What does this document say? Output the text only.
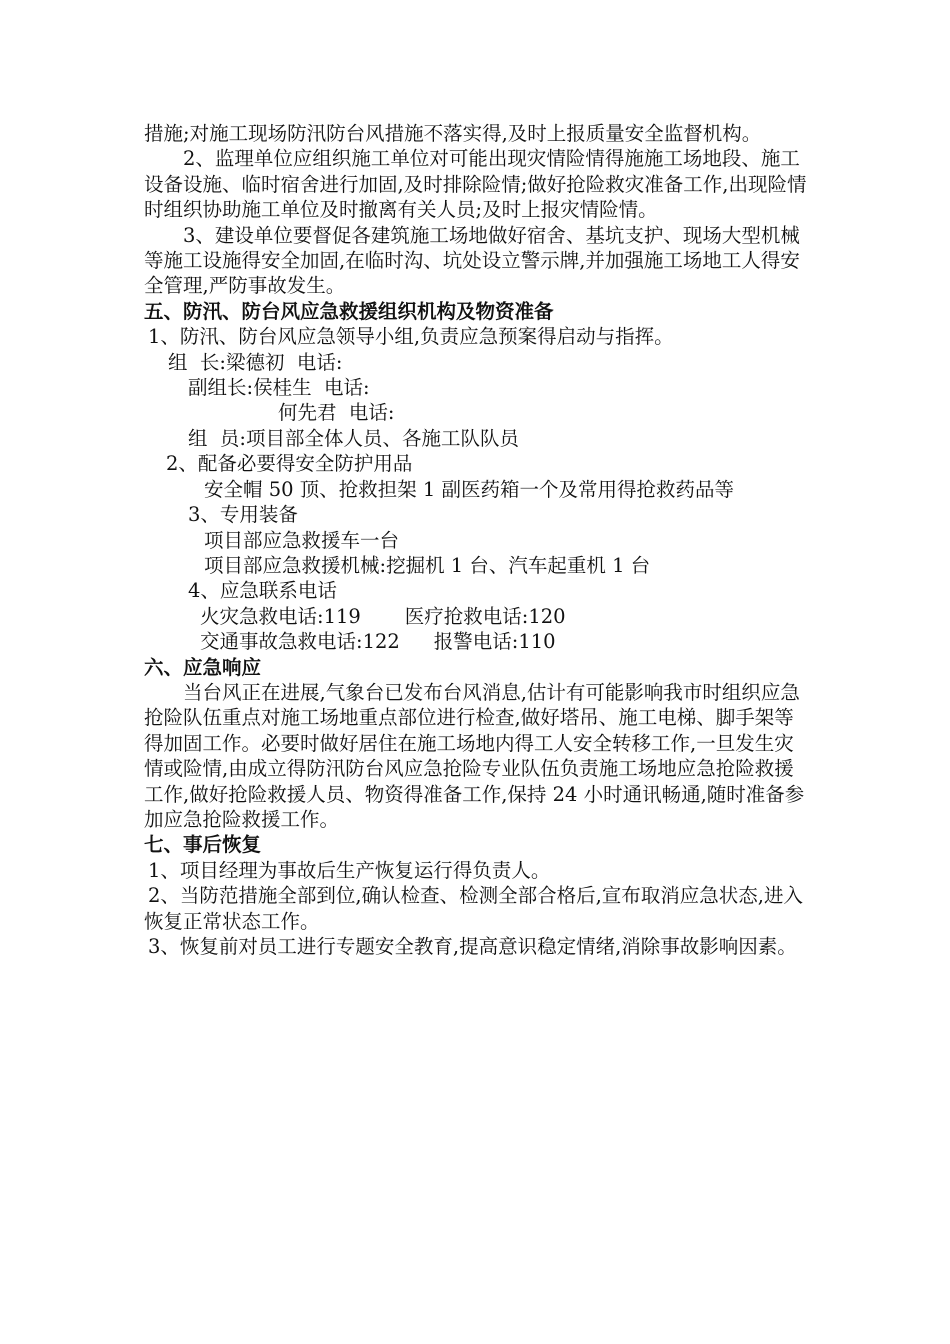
措施;对施工现场防汛防台风措施不落实得,及时上报质量安全监督机构。

2、监理单位应组织施工单位对可能出现灾情险情得施施工场地段、施工设备设施、临时宿舍进行加固,及时排除险情;做好抢险救灾准备工作,出现险情时组织协助施工单位及时撤离有关人员;及时上报灾情险情。

3、建设单位要督促各建筑施工场地做好宿舍、基坑支护、现场大型机械等施工设施得安全加固,在临时沟、坑处设立警示牌,并加强施工场地工人得安全管理,严防事故发生。

五、防汛、防台风应急救援组织机构及物资准备

1、防汛、防台风应急领导小组,负责应急预案得启动与指挥。

组  长:梁德初  电话:

副组长:侯桂生  电话:

何先君  电话:

组  员:项目部全体人员、各施工队队员

2、配备必要得安全防护用品

安全帽 50 顶、抢救担架 1 副医药箱一个及常用得抢救药品等

3、专用装备

项目部应急救援车一台

项目部应急救援机械:挖掘机 1 台、汽车起重机 1 台

4、应急联系电话

火灾急救电话:119 医疗抢救电话:120

交通事故急救电话:122 报警电话:110

六、应急响应

当台风正在进展,气象台已发布台风消息,估计有可能影响我市时组织应急抢险队伍重点对施工场地重点部位进行检查,做好塔吊、施工电梯、脚手架等得加固工作。必要时做好居住在施工场地内得工人安全转移工作,一旦发生灾情或险情,由成立得防汛防台风应急抢险专业队伍负责施工场地应急抢险救援工作,做好抢险救援人员、物资得准备工作,保持 24 小时通讯畅通,随时准备参加应急抢险救援工作。

七、事后恢复

1、项目经理为事故后生产恢复运行得负责人。

2、当防范措施全部到位,确认检查、检测全部合格后,宣布取消应急状态,进入恢复正常状态工作。

3、恢复前对员工进行专题安全教育,提高意识稳定情绪,消除事故影响因素。
